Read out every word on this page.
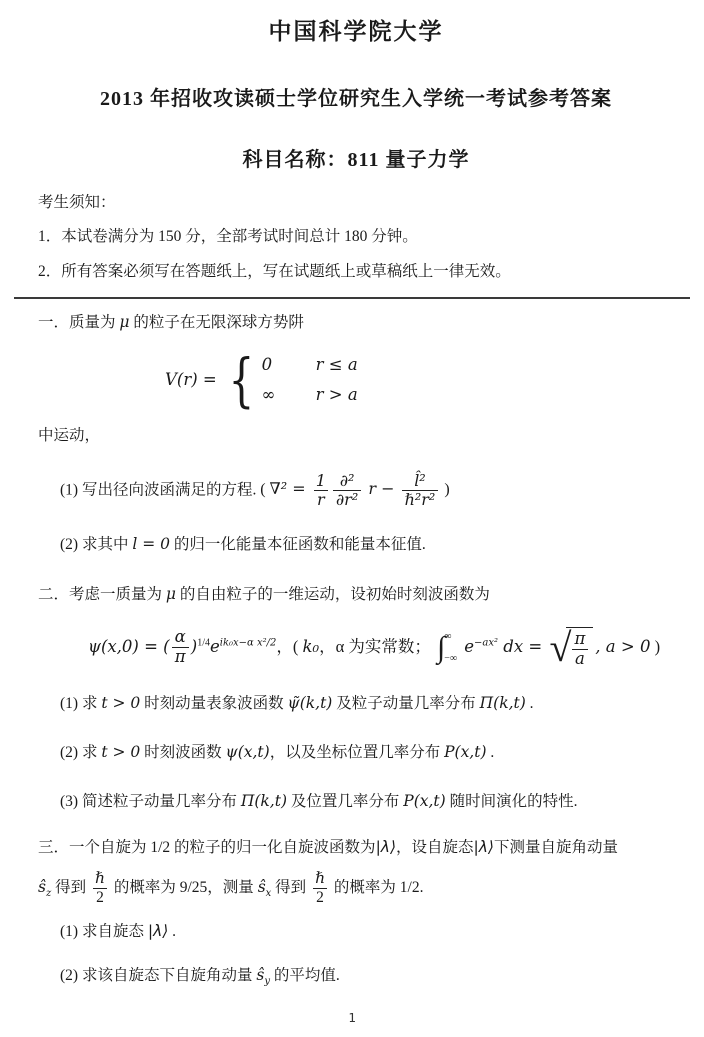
中国科学院大学

2013 年招收攻读硕士学位研究生入学统一考试参考答案

科目名称：811 量子力学

考生须知：

1．本试卷满分为 150 分，全部考试时间总计 180 分钟。

2．所有答案必须写在答题纸上，写在试题纸上或草稿纸上一律无效。

一．质量为 μ 的粒子在无限深球方势阱

V(r) = { 0	r ≤ a
∞	r > a

中运动，

(1) 写出径向波函满足的方程. ( $\nabla^2 = \frac{1}{r} \frac{\text{∂²}}{\text{∂r²}}$ $r - \frac{\text{l̂²}}{\text{ℏ²r²}}$ )

(2) 求其中 l = 0 的归一化能量本征函数和能量本征值.

二．考虑一质量为 μ 的自由粒子的一维运动，设初始时刻波函数为

ψ(x,0) = ( $\frac{\alpha}{\pi} )^{1/4}e^{ik_0x-\alpha x^2/2}$，( k₀，α 为实常数； ∫ ∞
−∞
$e^{-ax^2}$ dx = √ $\frac{\pi}{a}$ , a > 0 )

(1) 求 t > 0 时刻动量表象波函数 ψ̃(k,t) 及粒子动量几率分布 Π(k,t) .

(2) 求 t > 0 时刻波函数 ψ(x,t)，以及坐标位置几率分布 P(x,t) .

(3) 简述粒子动量几率分布 Π(k,t) 及位置几率分布 P(x,t) 随时间演化的特性.

三．一个自旋为 1/2 的粒子的归一化自旋波函数为|λ⟩，设自旋态|λ⟩下测量自旋角动量

$ŝ_z$ 得到 $\frac{\text{ℏ}}{2}$ 的概率为 9/25，测量 $ŝ_x$ 得到 $\frac{\text{ℏ}}{2}$ 的概率为 1/2.

(1) 求自旋态 |λ⟩ .

(2) 求该自旋态下自旋角动量 $ŝ_y$ 的平均值.

1
